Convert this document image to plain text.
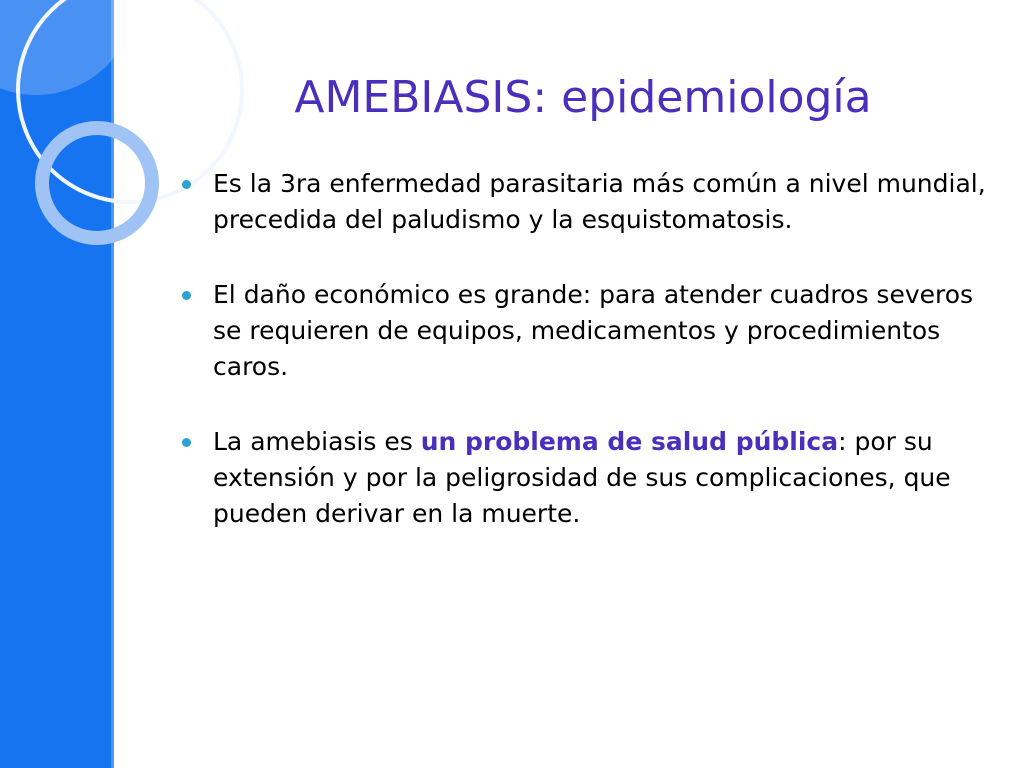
AMEBIASIS: epidemiología
Es la 3ra enfermedad parasitaria más común a nivel mundial, precedida del paludismo y la esquistomatosis.
El daño económico es grande: para atender cuadros severos se requieren de equipos, medicamentos y procedimientos caros.
La amebiasis es un problema de salud pública: por su extensión y por la peligrosidad de sus complicaciones, que pueden derivar en la muerte.
